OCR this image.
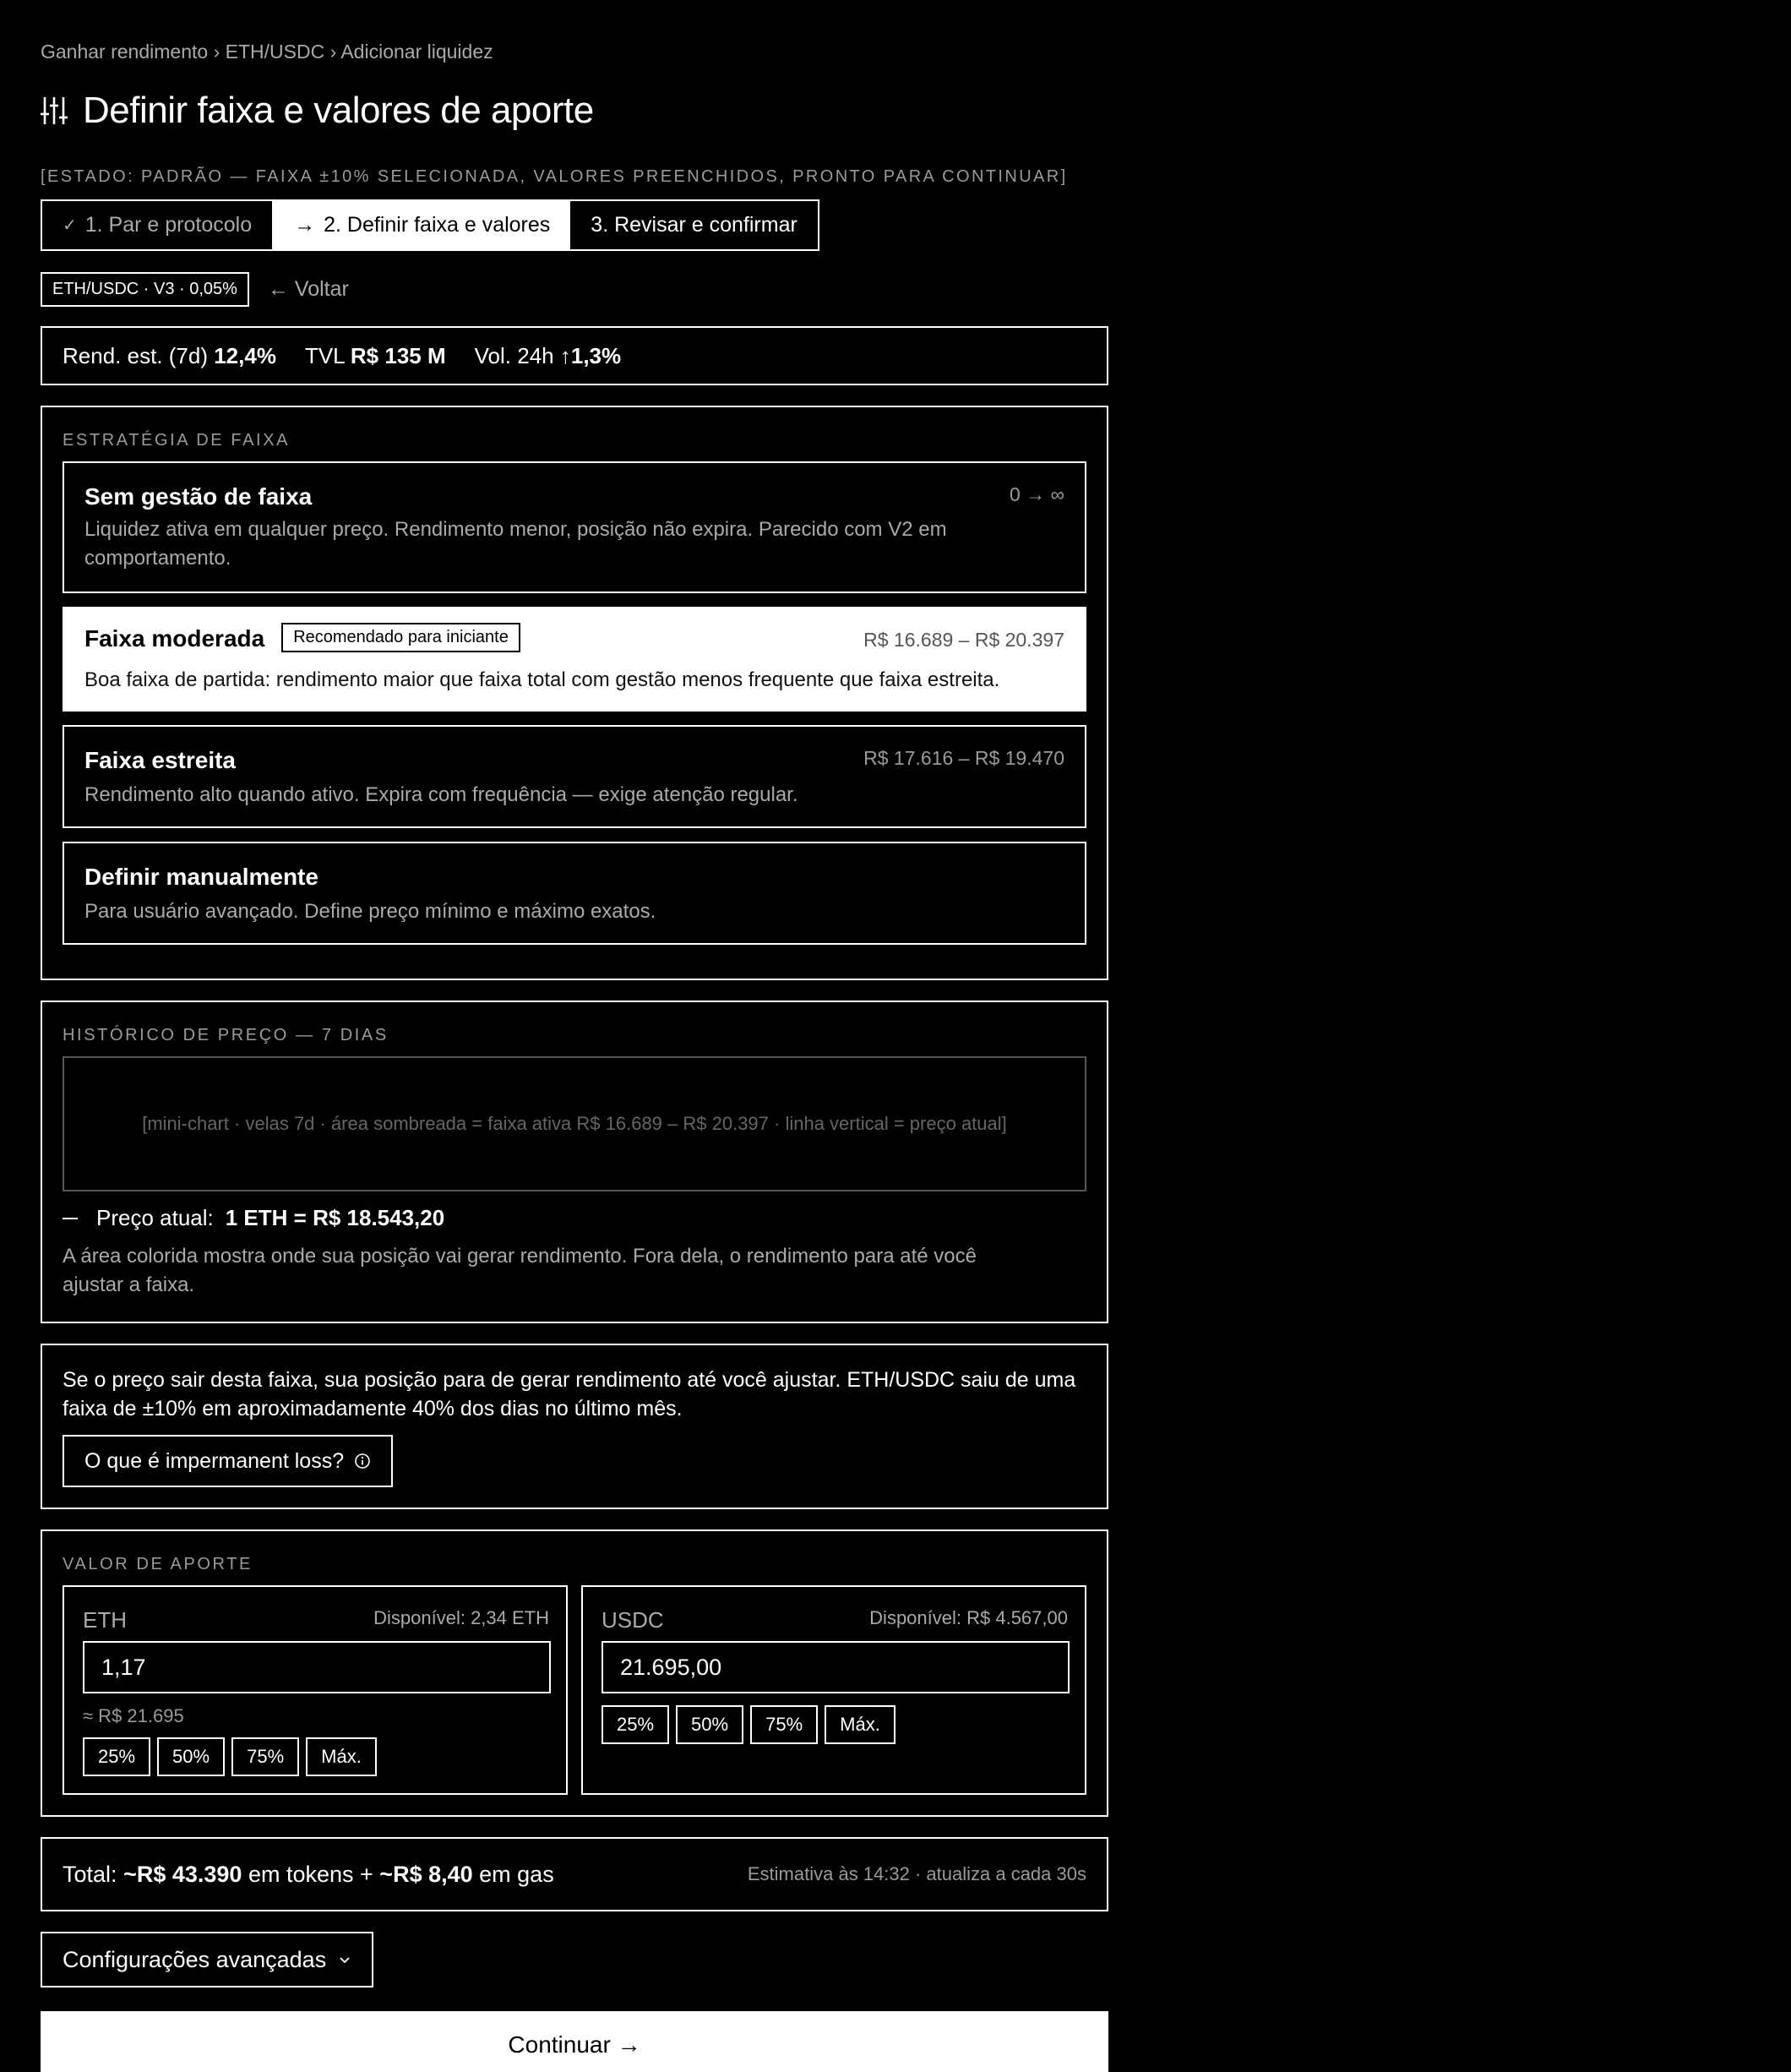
Ganhar rendimento › ETH/USDC › Adicionar liquidez
Definir faixa e valores de aporte
[ESTADO: PADRÃO — FAIXA ±10% SELECIONADA, VALORES PREENCHIDOS, PRONTO PARA CONTINUAR]
✓ 1. Par e protocolo → 2. Definir faixa e valores 3. Revisar e confirmar
ETH/USDC · V3 · 0,05%	← Voltar
Rend. est. (7d) 12,4% TVL R$ 135 M Vol. 24h ↑1,3%
ESTRATÉGIA DE FAIXA
Sem gestão de faixa	0 → ∞
Liquidez ativa em qualquer preço. Rendimento menor, posição não expira. Parecido com V2 em comportamento.
Faixa moderada Recomendado para iniciante	R$ 16.689 – R$ 20.397
Boa faixa de partida: rendimento maior que faixa total com gestão menos frequente que faixa estreita.
Faixa estreita	R$ 17.616 – R$ 19.470
Rendimento alto quando ativo. Expira com frequência — exige atenção regular.
Definir manualmente
Para usuário avançado. Define preço mínimo e máximo exatos.
HISTÓRICO DE PREÇO — 7 DIAS
[mini-chart · velas 7d · área sombreada = faixa ativa R$ 16.689 – R$ 20.397 · linha vertical = preço atual]
Preço atual: 1 ETH = R$ 18.543,20
A área colorida mostra onde sua posição vai gerar rendimento. Fora dela, o rendimento para até você ajustar a faixa.
Se o preço sair desta faixa, sua posição para de gerar rendimento até você ajustar. ETH/USDC saiu de uma faixa de ±10% em aproximadamente 40% dos dias no último mês.
O que é impermanent loss?
VALOR DE APORTE
ETH	Disponível: 2,34 ETH
1,17
≈ R$ 21.695
25%	50%	75%	Máx.
USDC	Disponível: R$ 4.567,00
21.695,00
25%	50%	75%	Máx.
Total: ~R$ 43.390 em tokens + ~R$ 8,40 em gas	Estimativa às 14:32 · atualiza a cada 30s
Configurações avançadas
Continuar →
